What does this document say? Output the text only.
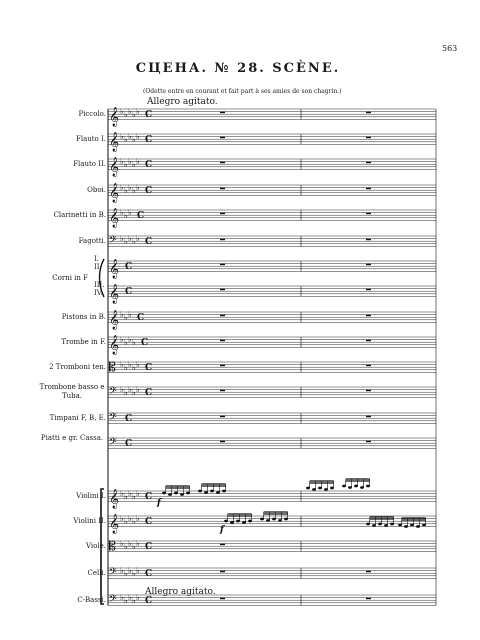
563
СЦЕНА. № 28. SCÈNE.
(Odette entre en courant et fait part à ses amies de son chagrin.)
Allegro agitato.
Allegro agitato.
Piccolo.
Flauto I.
Flauto II.
Oboi.
Clarinetti in B.
Fagotti.
Pistons in B.
Trombe in F.
2 Tromboni ten.
Trombone basso e Tuba.
Timpani F, B, E.
Piatti e gr. Cassa.
Violini I.
Violini II.
Viole.
Celli.
C-Bassi.
Corni in F
I.
II.
III.
IV.
𝄞 ♭ ♭ ♭ ♭ ♭ C
𝄞 ♭ ♭ ♭ ♭ ♭ C
𝄞 ♭ ♭ ♭ ♭ ♭ C
𝄞 ♭ ♭ ♭ ♭ ♭ C
𝄞 ♭ ♭ ♭ C
𝄢 ♭ ♭ ♭ ♭ ♭ C
𝄞 C
𝄞 C
𝄞 ♭ ♭ ♭ C
𝄞 ♭ ♭ ♭ ♭ C
𝄡 ♭ ♭ ♭ ♭ ♭ C
𝄢 ♭ ♭ ♭ ♭ ♭ C
𝄢 C
𝄢 C
𝄞 ♭ ♭ ♭ ♭ ♭ C
𝄞 ♭ ♭ ♭ ♭ ♭ C
𝄡 ♭ ♭ ♭ ♭ ♭ C
𝄢 ♭ ♭ ♭ ♭ ♭ C
𝄢 ♭ ♭ ♭ ♭ ♭ C
f
f
